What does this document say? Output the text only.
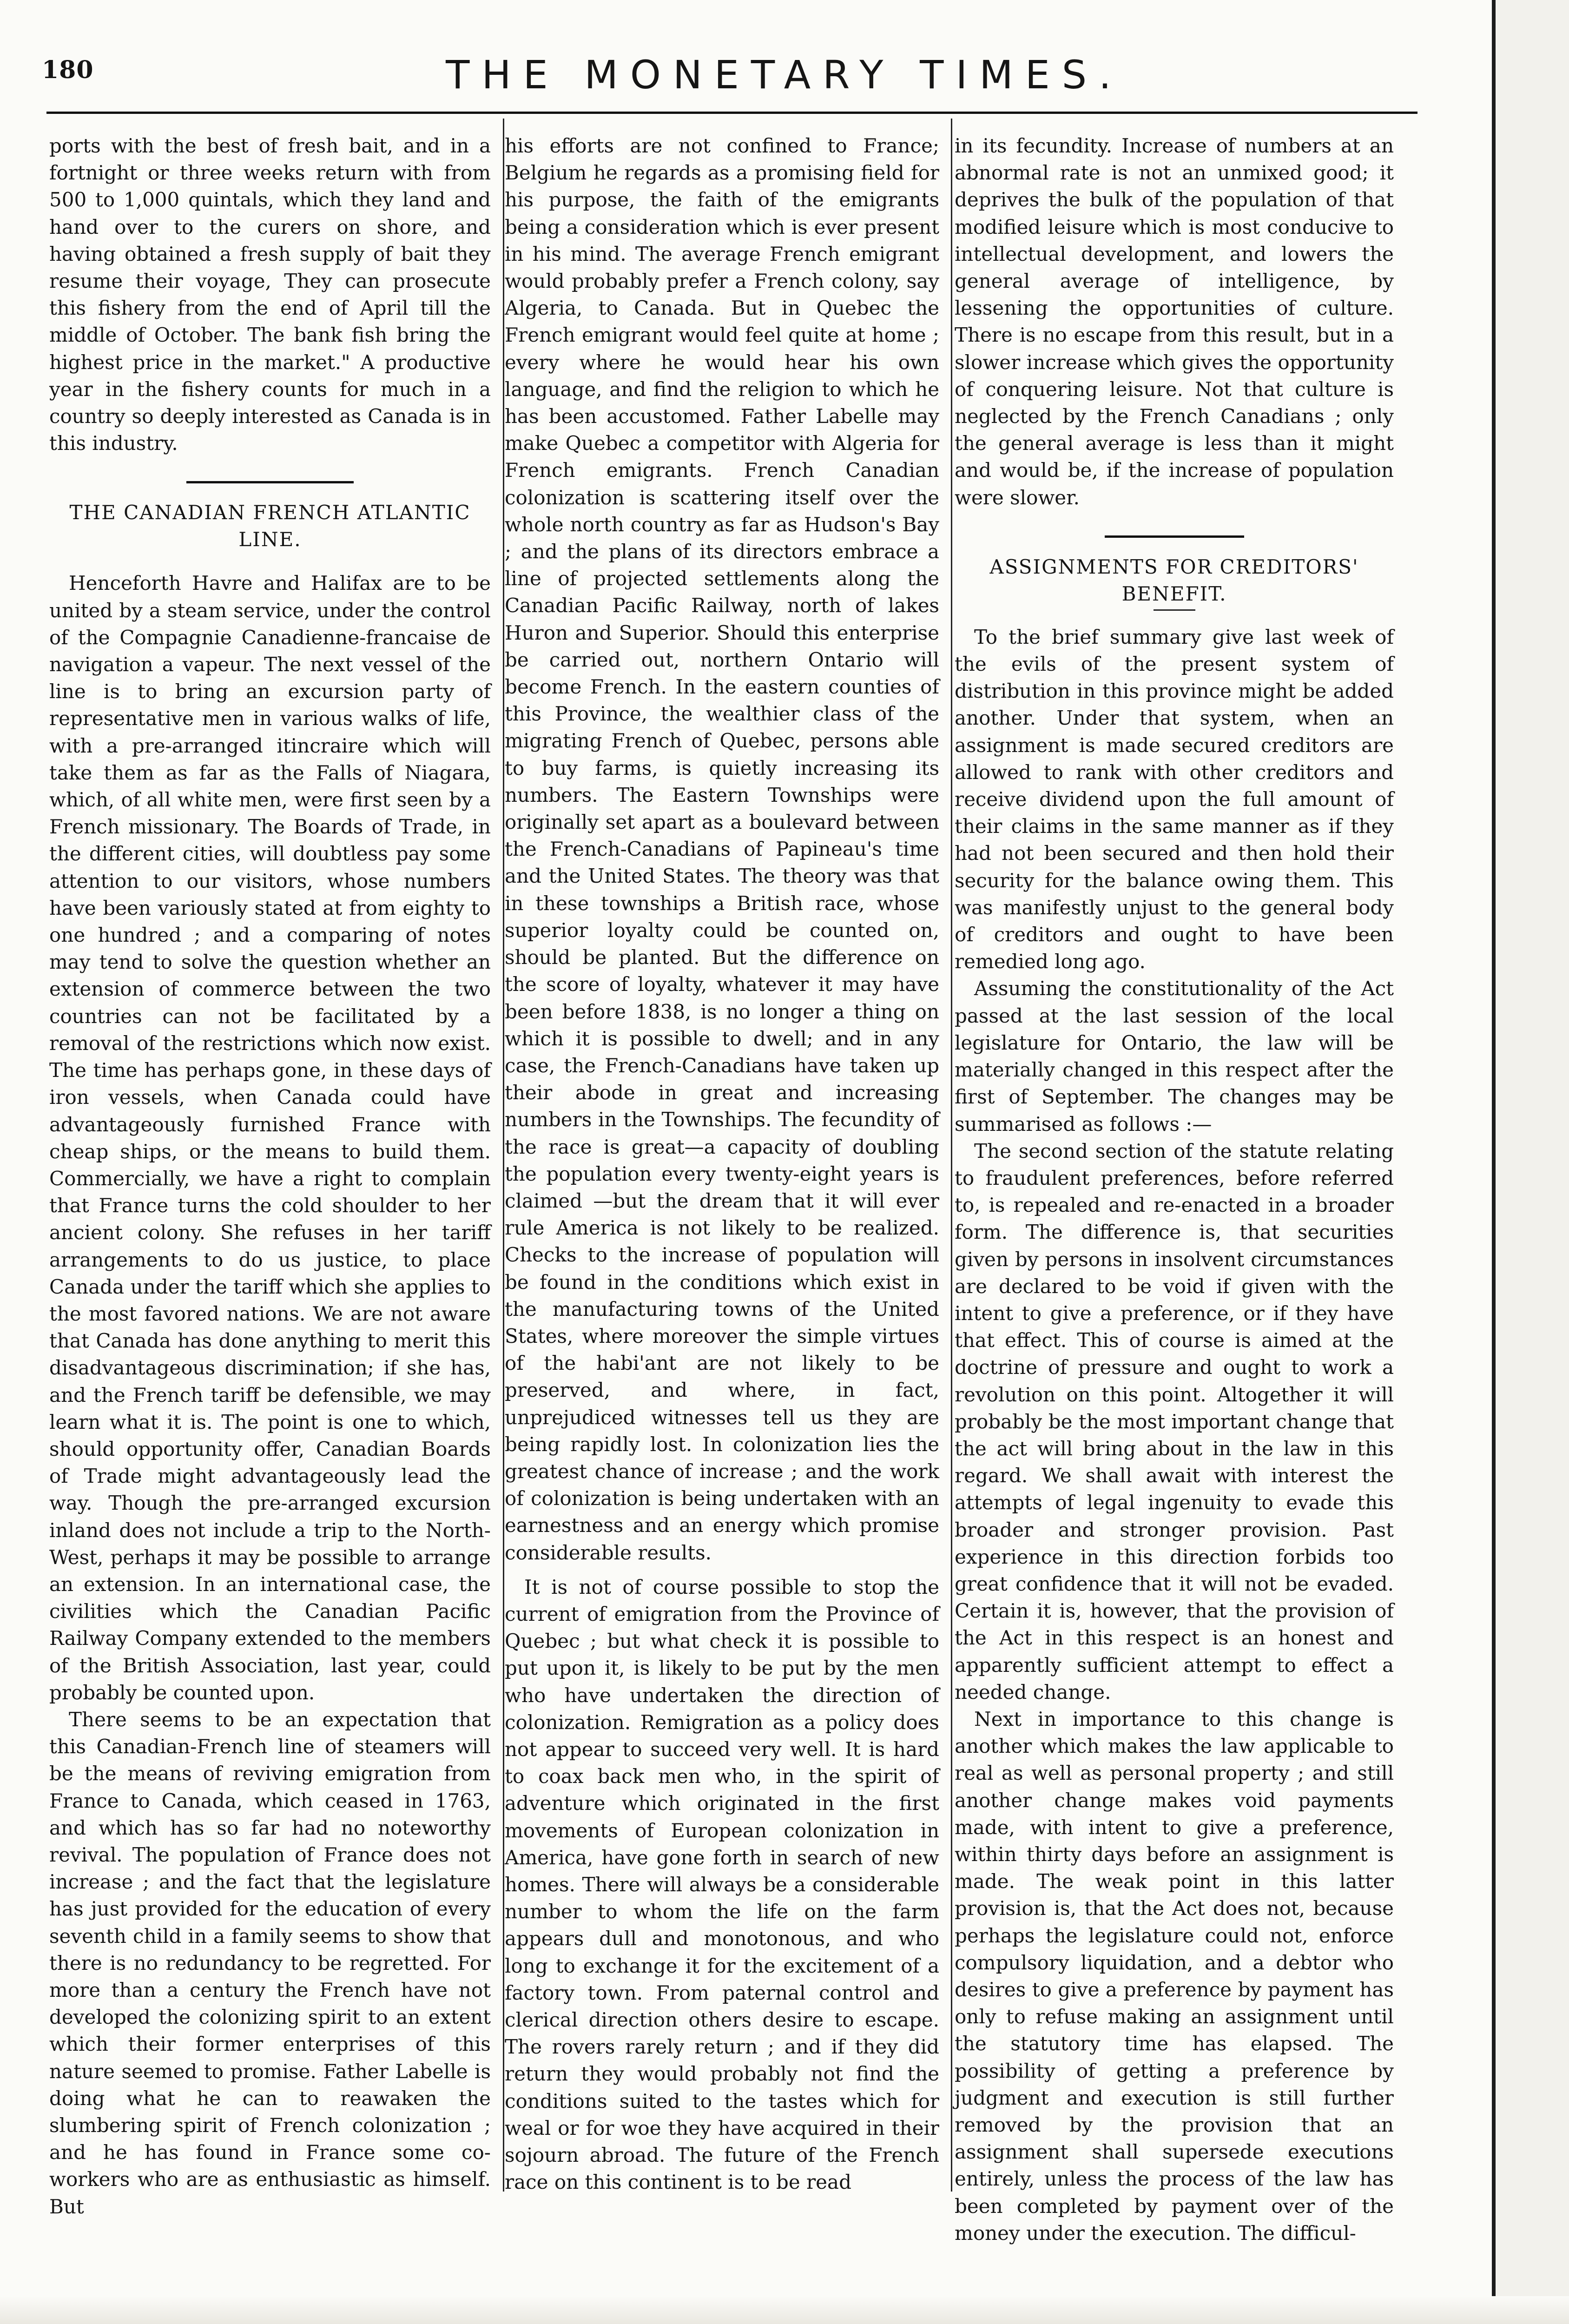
180	THE MONETARY TIMES.

ports with the best of fresh bait, and in a fortnight or three weeks return with from 500 to 1,000 quintals, which they land and hand over to the curers on shore, and having obtained a fresh supply of bait they resume their voyage, They can prosecute this fishery from the end of April till the middle of October. The bank fish bring the highest price in the market." A productive year in the fishery counts for much in a country so deeply interested as Canada is in this industry.

THE CANADIAN FRENCH ATLANTIC LINE.

Henceforth Havre and Halifax are to be united by a steam service, under the control of the Compagnie Canadienne-francaise de navigation a vapeur. The next vessel of the line is to bring an excursion party of representative men in various walks of life, with a pre-arranged itincraire which will take them as far as the Falls of Niagara, which, of all white men, were first seen by a French missionary. The Boards of Trade, in the different cities, will doubtless pay some attention to our visitors, whose numbers have been variously stated at from eighty to one hundred ; and a comparing of notes may tend to solve the question whether an extension of commerce between the two countries can not be facilitated by a removal of the restrictions which now exist. The time has perhaps gone, in these days of iron vessels, when Canada could have advantageously furnished France with cheap ships, or the means to build them. Commercially, we have a right to complain that France turns the cold shoulder to her ancient colony. She refuses in her tariff arrangements to do us justice, to place Canada under the tariff which she applies to the most favored nations. We are not aware that Canada has done anything to merit this disadvantageous discrimination; if she has, and the French tariff be defensible, we may learn what it is. The point is one to which, should opportunity offer, Canadian Boards of Trade might advantageously lead the way. Though the pre-arranged excursion inland does not include a trip to the North-West, perhaps it may be possible to arrange an extension. In an international case, the civilities which the Canadian Pacific Railway Company extended to the members of the British Association, last year, could probably be counted upon.

There seems to be an expectation that this Canadian-French line of steamers will be the means of reviving emigration from France to Canada, which ceased in 1763, and which has so far had no noteworthy revival. The population of France does not increase ; and the fact that the legislature has just provided for the education of every seventh child in a family seems to show that there is no redundancy to be regretted. For more than a century the French have not developed the colonizing spirit to an extent which their former enterprises of this nature seemed to promise. Father Labelle is doing what he can to reawaken the slumbering spirit of French colonization ; and he has found in France some co-workers who are as enthusiastic as himself. But

his efforts are not confined to France; Belgium he regards as a promising field for his purpose, the faith of the emigrants being a consideration which is ever present in his mind. The average French emigrant would probably prefer a French colony, say Algeria, to Canada. But in Quebec the French emigrant would feel quite at home ; every where he would hear his own language, and find the religion to which he has been accustomed. Father Labelle may make Quebec a competitor with Algeria for French emigrants. French Canadian colonization is scattering itself over the whole north country as far as Hudson's Bay ; and the plans of its directors embrace a line of projected settlements along the Canadian Pacific Railway, north of lakes Huron and Superior. Should this enterprise be carried out, northern Ontario will become French. In the eastern counties of this Province, the wealthier class of the migrating French of Quebec, persons able to buy farms, is quietly increasing its numbers. The Eastern Townships were originally set apart as a boulevard between the French-Canadians of Papineau's time and the United States. The theory was that in these townships a British race, whose superior loyalty could be counted on, should be planted. But the difference on the score of loyalty, whatever it may have been before 1838, is no longer a thing on which it is possible to dwell; and in any case, the French-Canadians have taken up their abode in great and increasing numbers in the Townships. The fecundity of the race is great—a capacity of doubling the population every twenty-eight years is claimed —but the dream that it will ever rule America is not likely to be realized. Checks to the increase of population will be found in the conditions which exist in the manufacturing towns of the United States, where moreover the simple virtues of the habi'ant are not likely to be preserved, and where, in fact, unprejudiced witnesses tell us they are being rapidly lost. In colonization lies the greatest chance of increase ; and the work of colonization is being undertaken with an earnestness and an energy which promise considerable results.

It is not of course possible to stop the current of emigration from the Province of Quebec ; but what check it is possible to put upon it, is likely to be put by the men who have undertaken the direction of colonization. Remigration as a policy does not appear to succeed very well. It is hard to coax back men who, in the spirit of adventure which originated in the first movements of European colonization in America, have gone forth in search of new homes. There will always be a considerable number to whom the life on the farm appears dull and monotonous, and who long to exchange it for the excitement of a factory town. From paternal control and clerical direction others desire to escape. The rovers rarely return ; and if they did return they would probably not find the conditions suited to the tastes which for weal or for woe they have acquired in their sojourn abroad. The future of the French race on this continent is to be read

in its fecundity. Increase of numbers at an abnormal rate is not an unmixed good; it deprives the bulk of the population of that modified leisure which is most conducive to intellectual development, and lowers the general average of intelligence, by lessening the opportunities of culture. There is no escape from this result, but in a slower increase which gives the opportunity of conquering leisure. Not that culture is neglected by the French Canadians ; only the general average is less than it might and would be, if the increase of population were slower.

ASSIGNMENTS FOR CREDITORS' BENEFIT.

To the brief summary give last week of the evils of the present system of distribution in this province might be added another. Under that system, when an assignment is made secured creditors are allowed to rank with other creditors and receive dividend upon the full amount of their claims in the same manner as if they had not been secured and then hold their security for the balance owing them. This was manifestly unjust to the general body of creditors and ought to have been remedied long ago.

Assuming the constitutionality of the Act passed at the last session of the local legislature for Ontario, the law will be materially changed in this respect after the first of September. The changes may be summarised as follows :—

The second section of the statute relating to fraudulent preferences, before referred to, is repealed and re-enacted in a broader form. The difference is, that securities given by persons in insolvent circumstances are declared to be void if given with the intent to give a preference, or if they have that effect. This of course is aimed at the doctrine of pressure and ought to work a revolution on this point. Altogether it will probably be the most important change that the act will bring about in the law in this regard. We shall await with interest the attempts of legal ingenuity to evade this broader and stronger provision. Past experience in this direction forbids too great confidence that it will not be evaded. Certain it is, however, that the provision of the Act in this respect is an honest and apparently sufficient attempt to effect a needed change.

Next in importance to this change is another which makes the law applicable to real as well as personal property ; and still another change makes void payments made, with intent to give a preference, within thirty days before an assignment is made. The weak point in this latter provision is, that the Act does not, because perhaps the legislature could not, enforce compulsory liquidation, and a debtor who desires to give a preference by payment has only to refuse making an assignment until the statutory time has elapsed. The possibility of getting a preference by judgment and execution is still further removed by the provision that an assignment shall supersede executions entirely, unless the process of the law has been completed by payment over of the money under the execution. The difficul-
